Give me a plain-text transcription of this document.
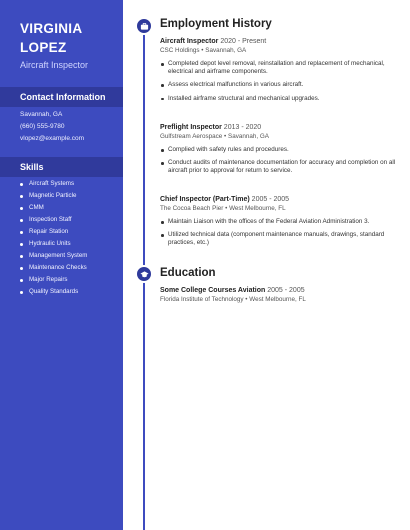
VIRGINIA
LOPEZ
Aircraft Inspector
Contact Information
Savannah, GA
(660) 555-9780
vlopez@example.com
Skills
Aircraft Systems
Magnetic Particle
CMM
Inspection Staff
Repair Station
Hydraulic Units
Management System
Maintenance Checks
Major Repairs
Quality Standards
Employment History
Aircraft Inspector 2020 - Present
CSC Holdings • Savannah, GA
Completed depot level removal, reinstallation and replacement of mechanical, electrical and airframe components.
Assess electrical malfunctions in various aircraft.
Installed airframe structural and mechanical upgrades.
Preflight Inspector 2013 - 2020
Gulfstream Aerospace • Savannah, GA
Complied with safety rules and procedures.
Conduct audits of maintenance documentation for accuracy and completion on all aircraft prior to approval for return to service.
Chief Inspector (Part-Time) 2005 - 2005
The Cocoa Beach Pier • West Melbourne, FL
Maintain Liaison with the offices of the Federal Aviation Administration 3.
Utilized technical data (component maintenance manuals, drawings, standard practices, etc.)
Education
Some College Courses Aviation 2005 - 2005
Florida Institute of Technology • West Melbourne, FL
